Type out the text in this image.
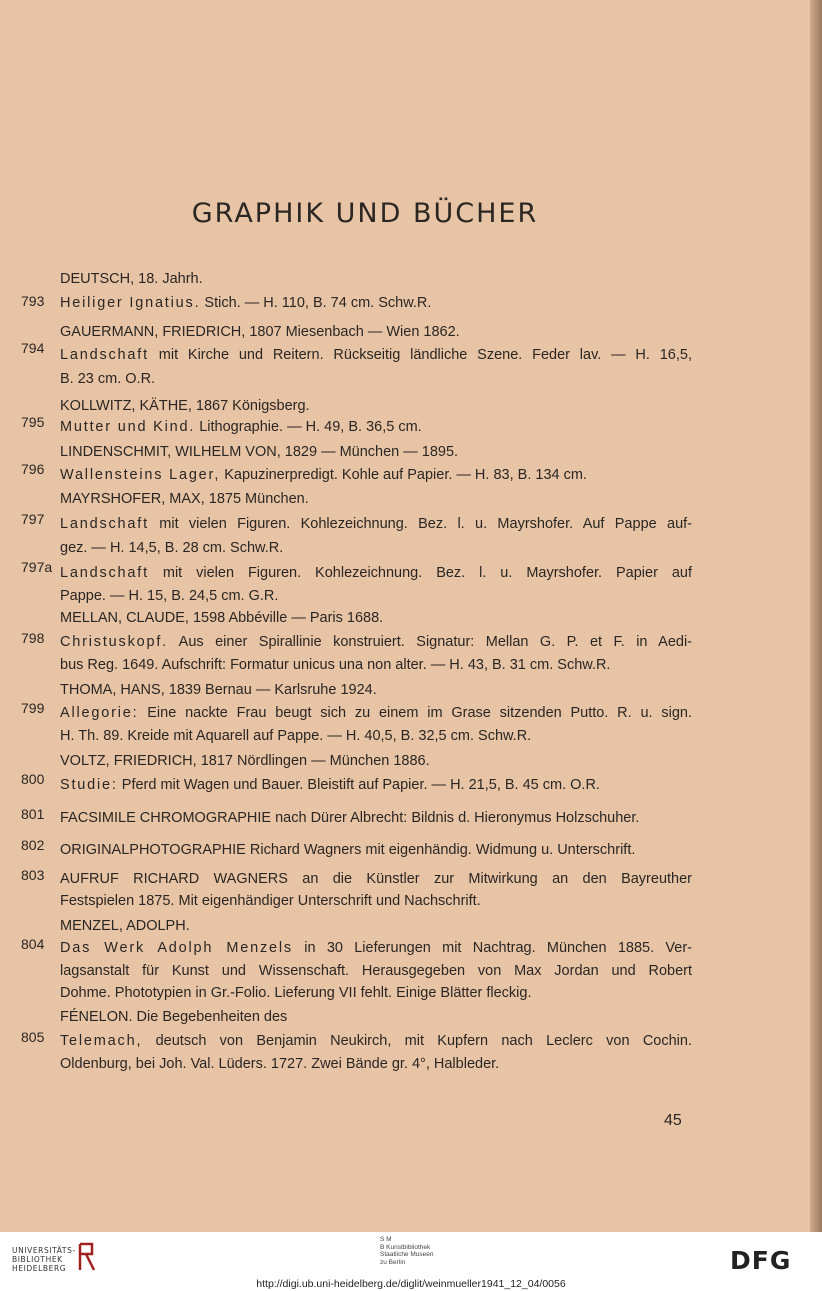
GRAPHIK UND BÜCHER
793
DEUTSCH, 18. Jahrh.
Heiliger Ignatius. Stich. — H. 110, B. 74 cm. Schw.R.
794
GAUERMANN, FRIEDRICH, 1807 Miesenbach — Wien 1862.
Landschaft mit Kirche und Reitern. Rückseitig ländliche Szene. Feder lav. — H. 16,5,
B. 23 cm. O.R.
795
KOLLWITZ, KÄTHE, 1867 Königsberg.
Mutter und Kind. Lithographie. — H. 49, B. 36,5 cm.
796
LINDENSCHMIT, WILHELM VON, 1829 — München — 1895.
Wallensteins Lager, Kapuzinerpredigt. Kohle auf Papier. — H. 83, B. 134 cm.
797
MAYRSHOFER, MAX, 1875 München.
Landschaft mit vielen Figuren. Kohlezeichnung. Bez. l. u. Mayrshofer. Auf Pappe auf-
gez. — H. 14,5, B. 28 cm. Schw.R.
797a Landschaft mit vielen Figuren. Kohlezeichnung. Bez. l. u. Mayrshofer. Papier auf
Pappe. — H. 15, B. 24,5 cm. G.R.
798
MELLAN, CLAUDE, 1598 Abbéville — Paris 1688.
Christuskopf. Aus einer Spirallinie konstruiert. Signatur: Mellan G. P. et F. in Aedi-
bus Reg. 1649. Aufschrift: Formatur unicus una non alter. — H. 43, B. 31 cm. Schw.R.
799
THOMA, HANS, 1839 Bernau — Karlsruhe 1924.
Allegorie: Eine nackte Frau beugt sich zu einem im Grase sitzenden Putto. R. u. sign.
H. Th. 89. Kreide mit Aquarell auf Pappe. — H. 40,5, B. 32,5 cm. Schw.R.
800
VOLTZ, FRIEDRICH, 1817 Nördlingen — München 1886.
Studie: Pferd mit Wagen und Bauer. Bleistift auf Papier. — H. 21,5, B. 45 cm. O.R.
801 FACSIMILE CHROMOGRAPHIE nach Dürer Albrecht: Bildnis d. Hieronymus Holzschuher.
802 ORIGINALPHOTOGRAPHIE Richard Wagners mit eigenhändig. Widmung u. Unterschrift.
803 AUFRUF RICHARD WAGNERS an die Künstler zur Mitwirkung an den Bayreuther
Festspielen 1875. Mit eigenhändiger Unterschrift und Nachschrift.
804
MENZEL, ADOLPH.
Das Werk Adolph Menzels in 30 Lieferungen mit Nachtrag. München 1885. Ver-
lagsanstalt für Kunst und Wissenschaft. Herausgegeben von Max Jordan und Robert
Dohme. Phototypien in Gr.-Folio. Lieferung VII fehlt. Einige Blätter fleckig.
805
FÉNELON. Die Begebenheiten des
Telemach, deutsch von Benjamin Neukirch, mit Kupfern nach Leclerc von Cochin.
Oldenburg, bei Joh. Val. Lüders. 1727. Zwei Bände gr. 4°, Halbleder.
45
UNIVERSITÄTS-
BIBLIOTHEK
HEIDELBERG
S M
B Kunstbibliothek
Staatliche Museen
zu Berlin	DFG
http://digi.ub.uni-heidelberg.de/diglit/weinmueller1941_12_04/0056
